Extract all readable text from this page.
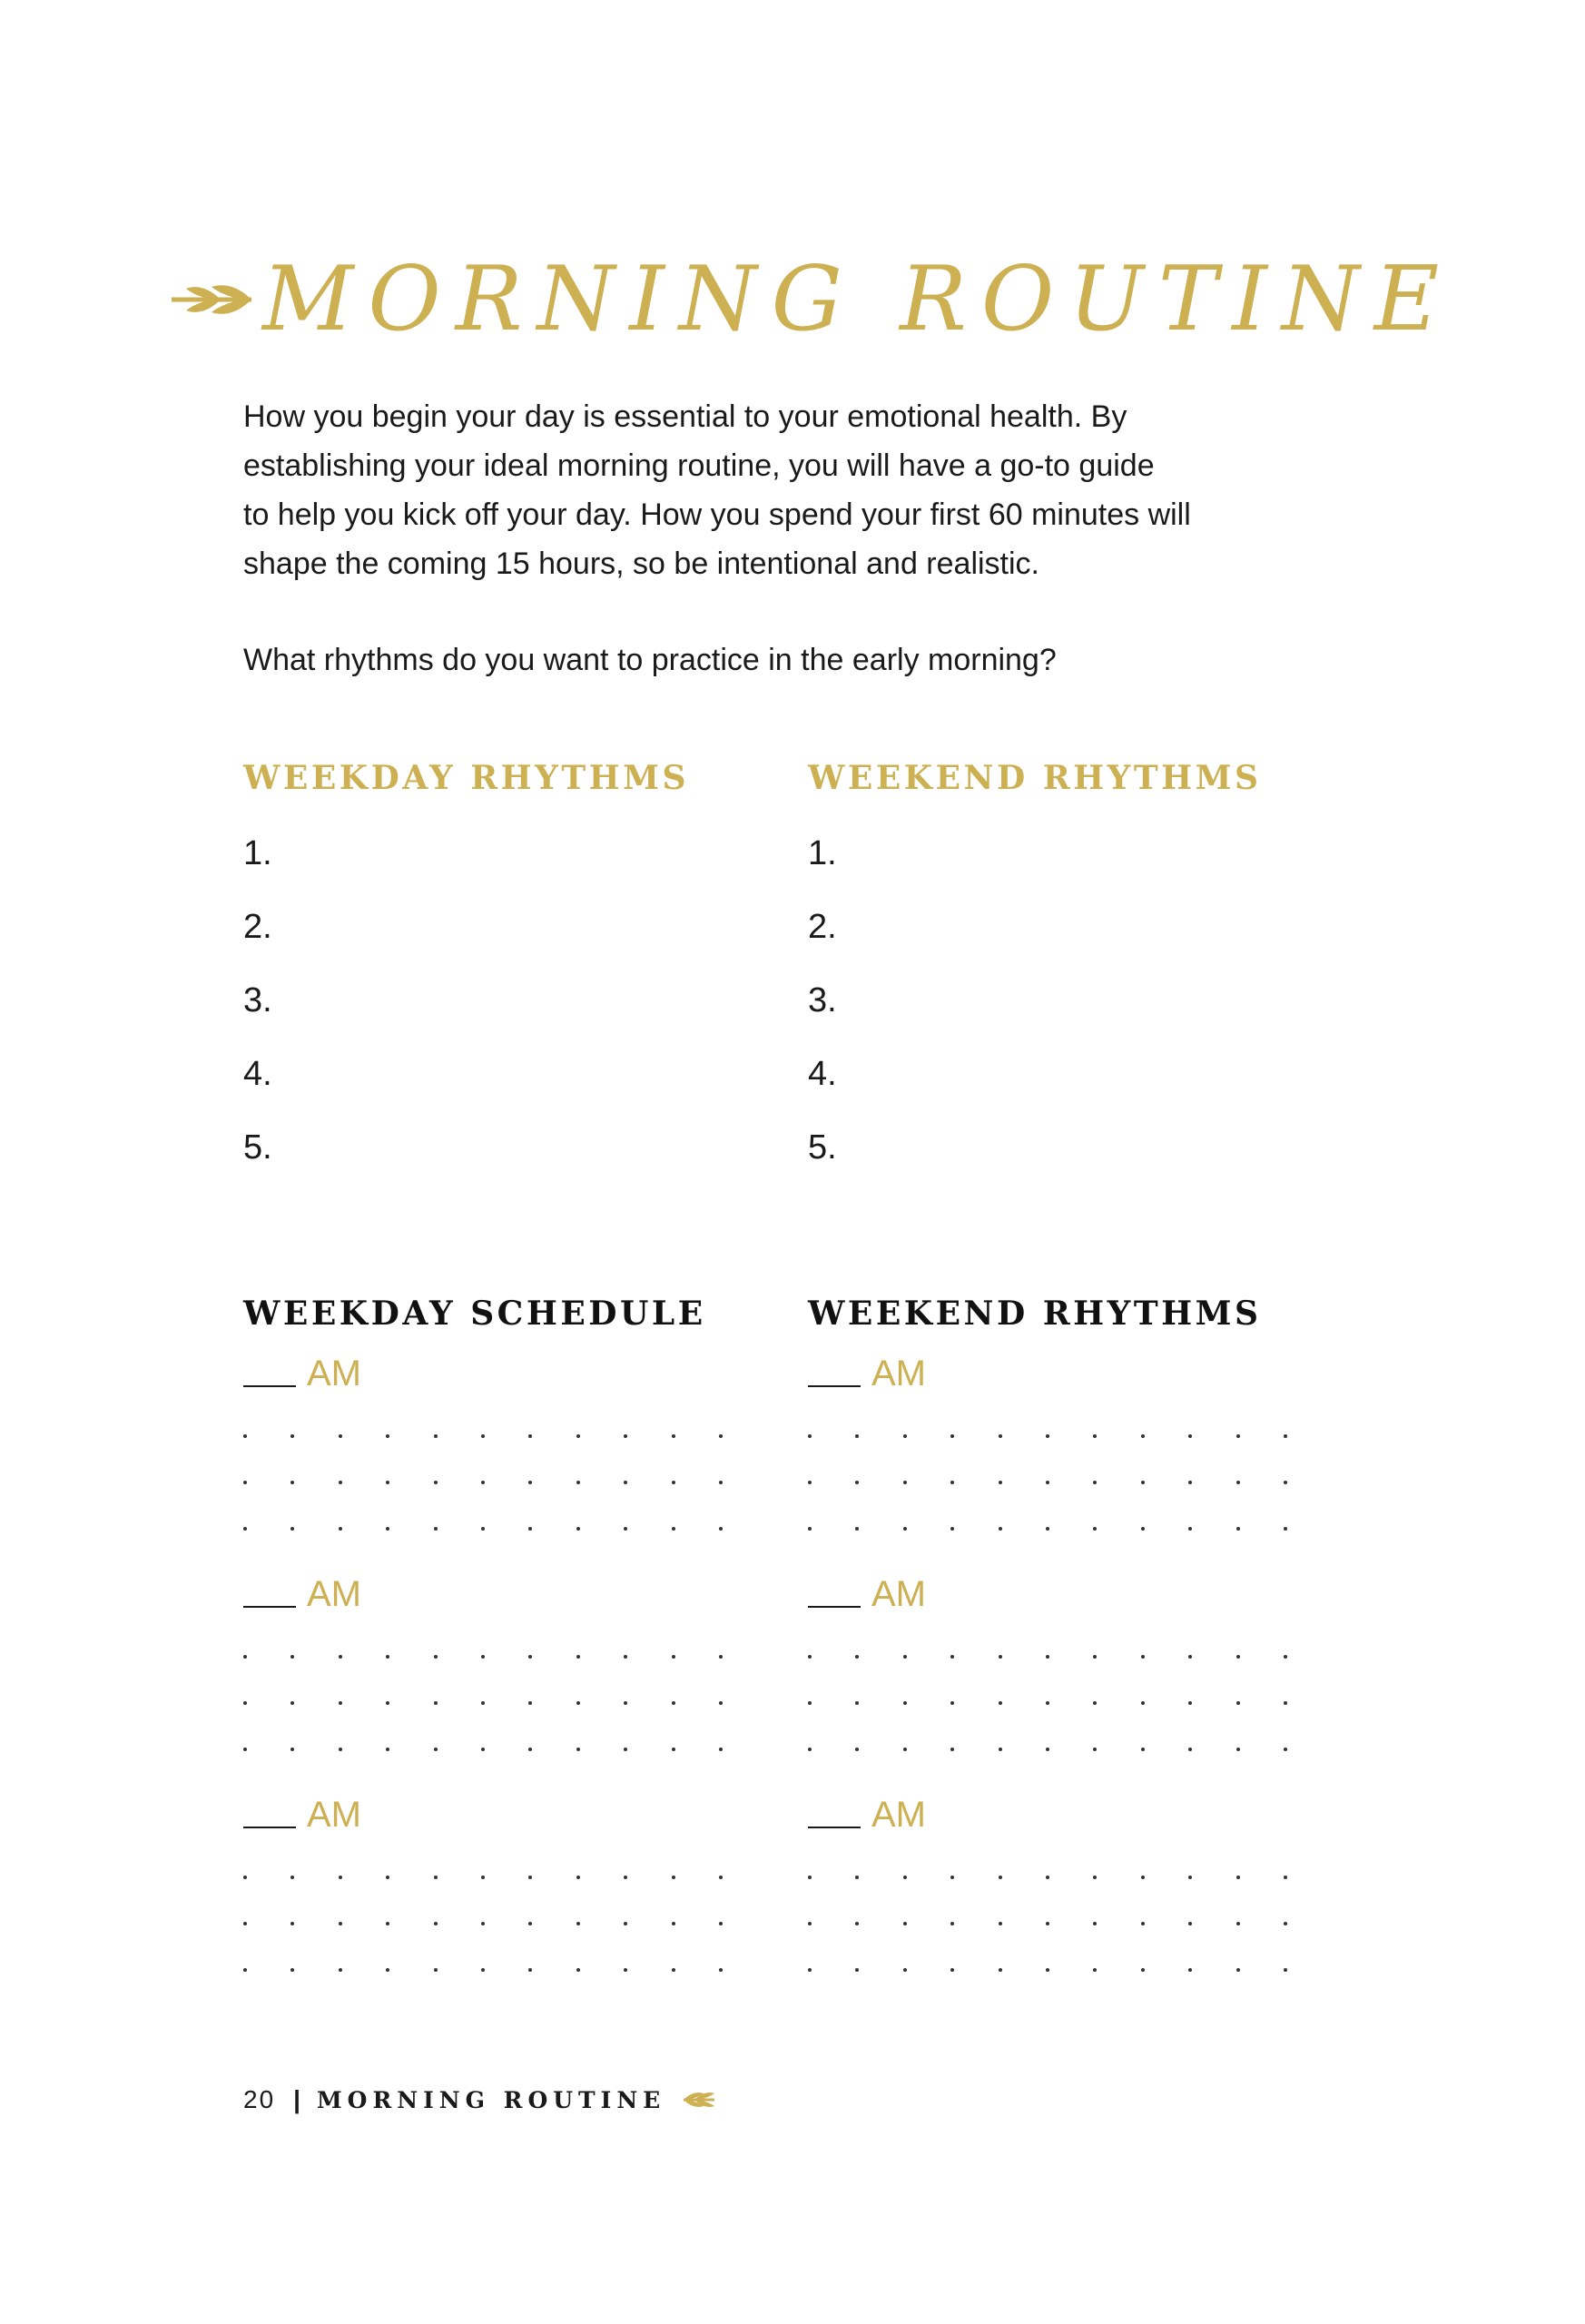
MORNING ROUTINE

How you begin your day is essential to your emotional health. By

establishing your ideal morning routine, you will have a go-to guide

to help you kick off your day. How you spend your first 60 minutes will

shape the coming 15 hours, so be intentional and realistic.

What rhythms do you want to practice in the early morning?
WEEKDAY RHYTHMS
1.
2.
3.
4.
5.
WEEKEND RHYTHMS
1.
2.
3.
4.
5.
WEEKDAY SCHEDULE
AM
AM
AM
WEEKEND RHYTHMS
AM
AM
AM
20 | MORNING ROUTINE
